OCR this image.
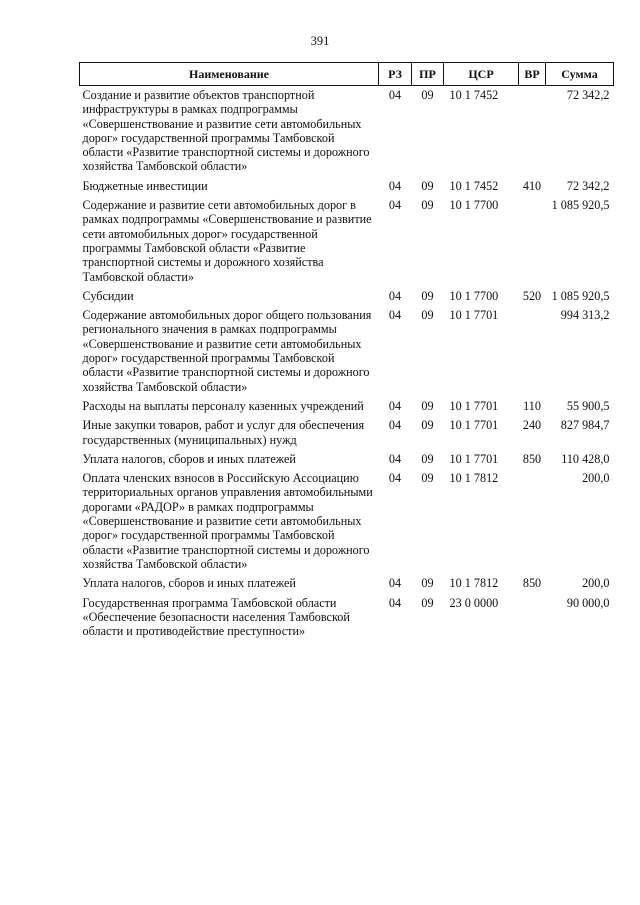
391
Наименование	РЗ	ПР	ЦСР	ВР	Сумма
Создание и развитие объектов транспортной инфраструктуры в рамках подпрограммы «Совершенствование и развитие сети автомобильных дорог» государственной программы Тамбовской области «Развитие транспортной системы и дорожного хозяйства Тамбовской области»	04	09	10 1 7452		72 342,2
Бюджетные инвестиции	04	09	10 1 7452	410	72 342,2
Содержание и развитие сети автомобильных дорог в рамках подпрограммы «Совершенствование и развитие сети автомобильных дорог» государственной программы Тамбовской области «Развитие транспортной системы и дорожного хозяйства Тамбовской области»	04	09	10 1 7700		1 085 920,5
Субсидии	04	09	10 1 7700	520	1 085 920,5
Содержание автомобильных дорог общего пользования регионального значения в рамках подпрограммы «Совершенствование и развитие сети автомобильных дорог» государственной программы Тамбовской области «Развитие транспортной системы и дорожного хозяйства Тамбовской области»	04	09	10 1 7701		994 313,2
Расходы на выплаты персоналу казенных учреждений	04	09	10 1 7701	110	55 900,5
Иные закупки товаров, работ и услуг для обеспечения государственных (муниципальных) нужд	04	09	10 1 7701	240	827 984,7
Уплата налогов, сборов и иных платежей	04	09	10 1 7701	850	110 428,0
Оплата членских взносов в Российскую Ассоциацию территориальных органов управления автомобильными дорогами «РАДОР» в рамках подпрограммы «Совершенствование и развитие сети автомобильных дорог» государственной программы Тамбовской области «Развитие транспортной системы и дорожного хозяйства Тамбовской области»	04	09	10 1 7812		200,0
Уплата налогов, сборов и иных платежей	04	09	10 1 7812	850	200,0
Государственная программа Тамбовской области «Обеспечение безопасности населения Тамбовской области и противодействие преступности»	04	09	23 0 0000		90 000,0
